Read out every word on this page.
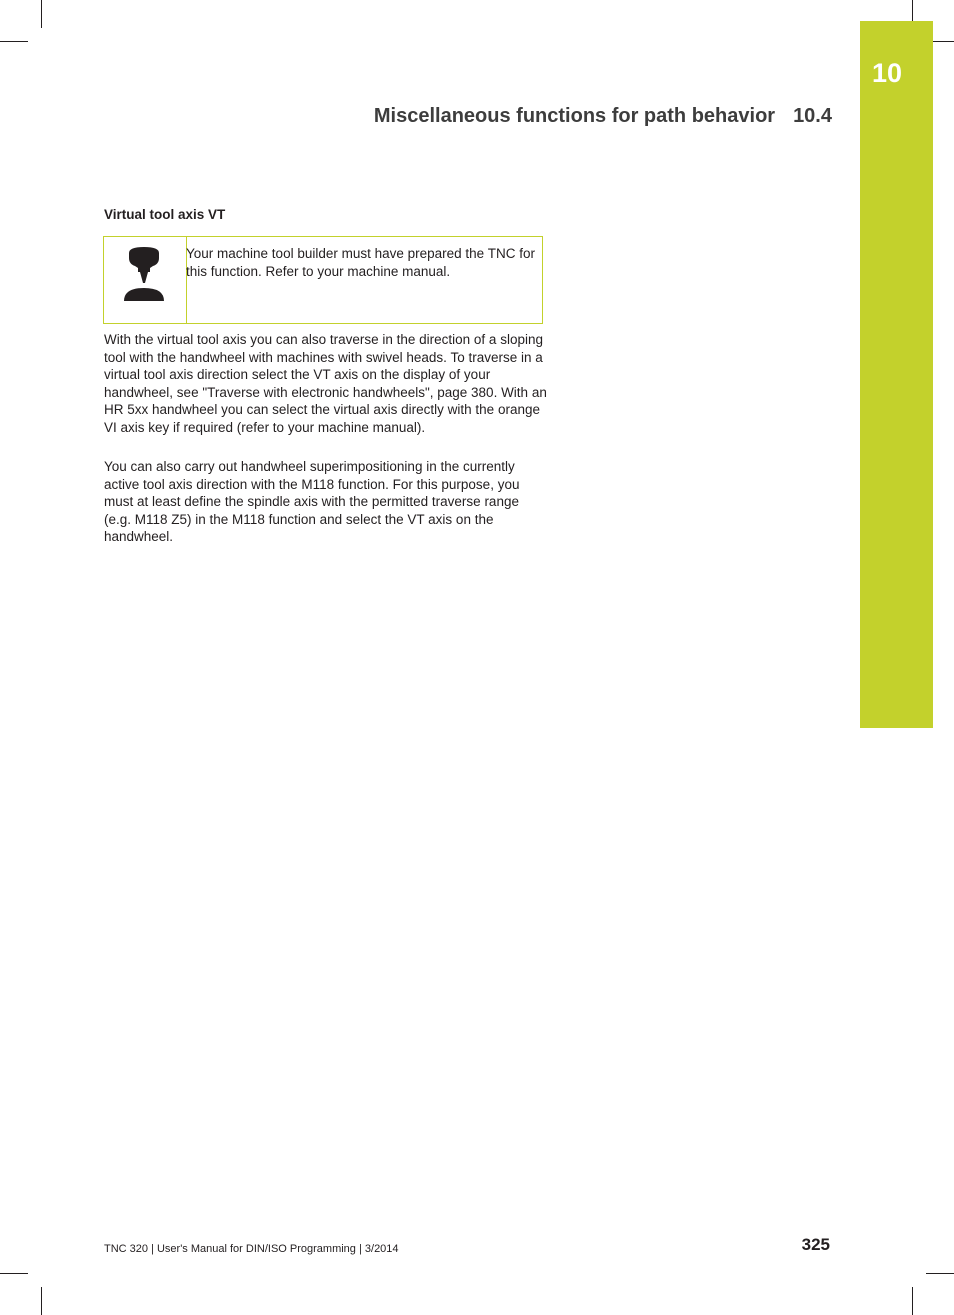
10
Miscellaneous functions for path behavior 10.4
Virtual tool axis VT
Your machine tool builder must have prepared the TNC for this function. Refer to your machine manual.

With the virtual tool axis you can also traverse in the direction of a sloping tool with the handwheel with machines with swivel heads. To traverse in a virtual tool axis direction select the VT axis on the display of your handwheel, see "Traverse with electronic handwheels", page 380. With an HR 5xx handwheel you can select the virtual axis directly with the orange VI axis key if required (refer to your machine manual).

You can also carry out handwheel superimpositioning in the currently active tool axis direction with the M118 function. For this purpose, you must at least define the spindle axis with the permitted traverse range (e.g. M118 Z5) in the M118 function and select the VT axis on the handwheel.

TNC 320 | User's Manual for DIN/ISO Programming | 3/2014	325
